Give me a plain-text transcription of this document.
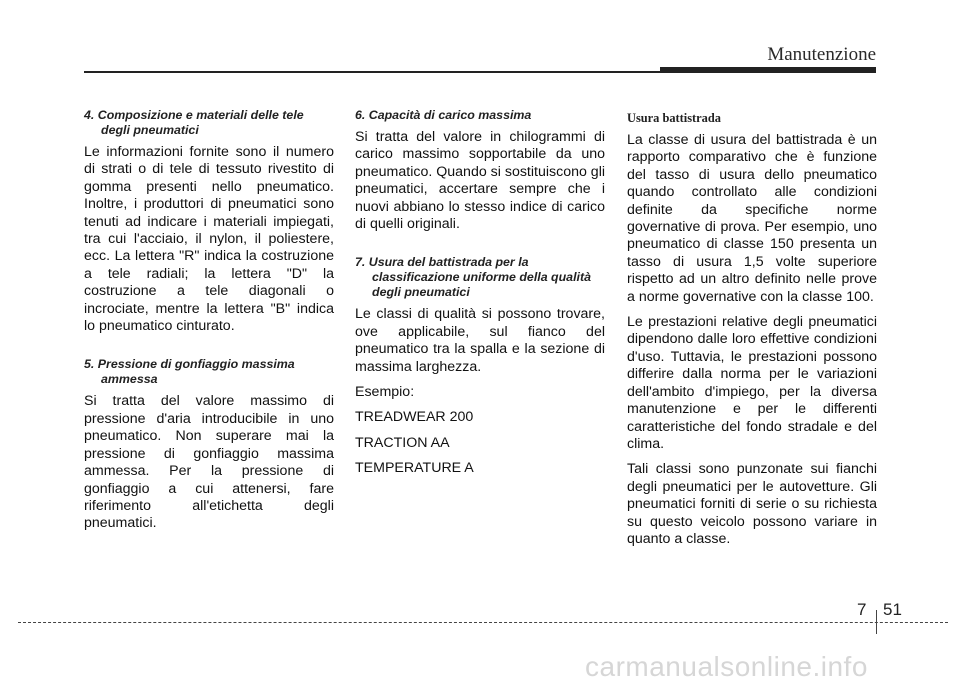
Manutenzione
4. Composizione e materiali delle tele degli pneumatici
Le informazioni fornite sono il numero di strati o di tele di tessuto rivestito di gomma presenti nello pneumatico. Inoltre, i produttori di pneumatici sono tenuti ad indicare i materiali impiegati, tra cui l'acciaio, il nylon, il poliestere, ecc. La lettera "R" indica la costruzione a tele radiali; la lettera "D" la costruzione a tele diagonali o incrociate, mentre la lettera "B" indica lo pneumatico cinturato.
5. Pressione di gonfiaggio massima ammessa
Si tratta del valore massimo di pressione d'aria introducibile in uno pneumatico. Non superare mai la pressione di gonfiaggio massima ammessa. Per la pressione di gonfiaggio a cui attenersi, fare riferimento all'etichetta degli pneumatici.
6. Capacità di carico massima
Si tratta del valore in chilogrammi di carico massimo sopportabile da uno pneumatico. Quando si sostituiscono gli pneumatici, accertare sempre che i nuovi abbiano lo stesso indice di carico di quelli originali.
7. Usura del battistrada per la classificazione uniforme della qualità degli pneumatici
Le classi di qualità si possono trovare, ove applicabile, sul fianco del pneumatico tra la spalla e la sezione di massima larghezza.
Esempio:
TREADWEAR 200
TRACTION AA
TEMPERATURE A
Usura battistrada
La classe di usura del battistrada è un rapporto comparativo che è funzione del tasso di usura dello pneumatico quando controllato alle condizioni definite da specifiche norme governative di prova. Per esempio, uno pneumatico di classe 150 presenta un tasso di usura 1,5 volte superiore rispetto ad un altro definito nelle prove a norme governative con la classe 100.
Le prestazioni relative degli pneumatici dipendono dalle loro effettive condizioni d'uso. Tuttavia, le prestazioni possono differire dalla norma per le variazioni dell'ambito d'impiego, per la diversa manutenzione e per le differenti caratteristiche del fondo stradale e del clima.
Tali classi sono punzonate sui fianchi degli pneumatici per le autovetture. Gli pneumatici forniti di serie o su richiesta su questo veicolo possono variare in quanto a classe.
7 51
carmanualsonline.info
